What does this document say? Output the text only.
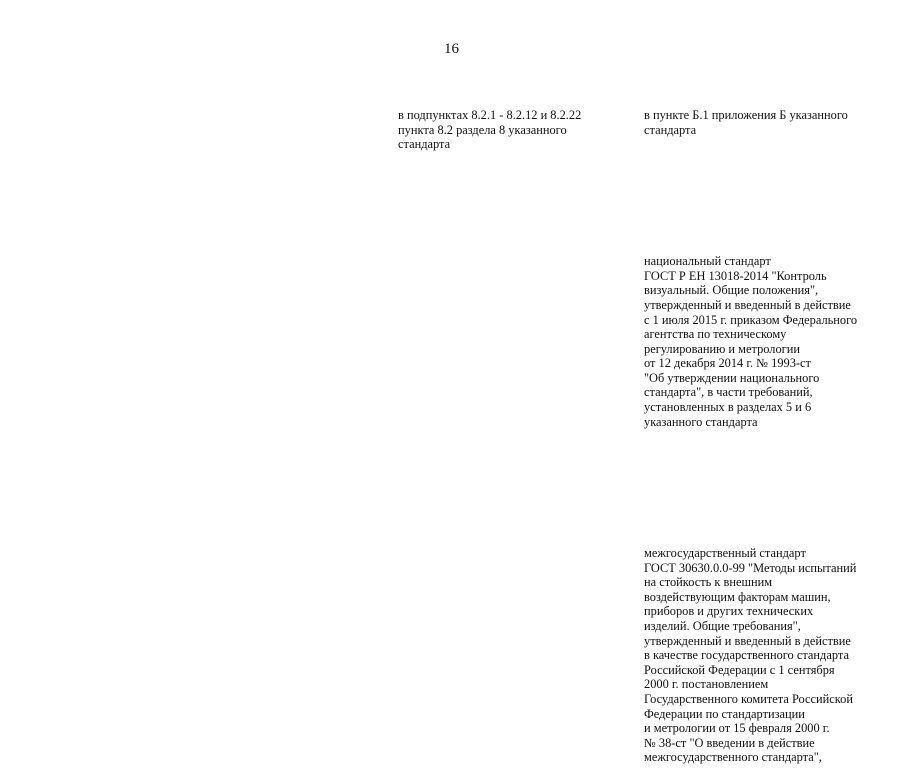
16

в подпунктах 8.2.1 - 8.2.12 и 8.2.22
пункта 8.2 раздела 8 указанного
стандарта

в пункте Б.1 приложения Б указанного
стандарта

национальный стандарт
ГОСТ Р ЕН 13018-2014 "Контроль
визуальный. Общие положения",
утвержденный и введенный в действие
с 1 июля 2015 г. приказом Федерального
агентства по техническому
регулированию и метрологии
от 12 декабря 2014 г. № 1993-ст
"Об утверждении национального
стандарта", в части требований,
установленных в разделах 5 и 6
указанного стандарта

межгосударственный стандарт
ГОСТ 30630.0.0-99 "Методы испытаний
на стойкость к внешним
воздействующим факторам машин,
приборов и других технических
изделий. Общие требования",
утвержденный и введенный в действие
в качестве государственного стандарта
Российской Федерации с 1 сентября
2000 г. постановлением
Государственного комитета Российской
Федерации по стандартизации
и метрологии от 15 февраля 2000 г.
№ 38-ст "О введении в действие
межгосударственного стандарта",
